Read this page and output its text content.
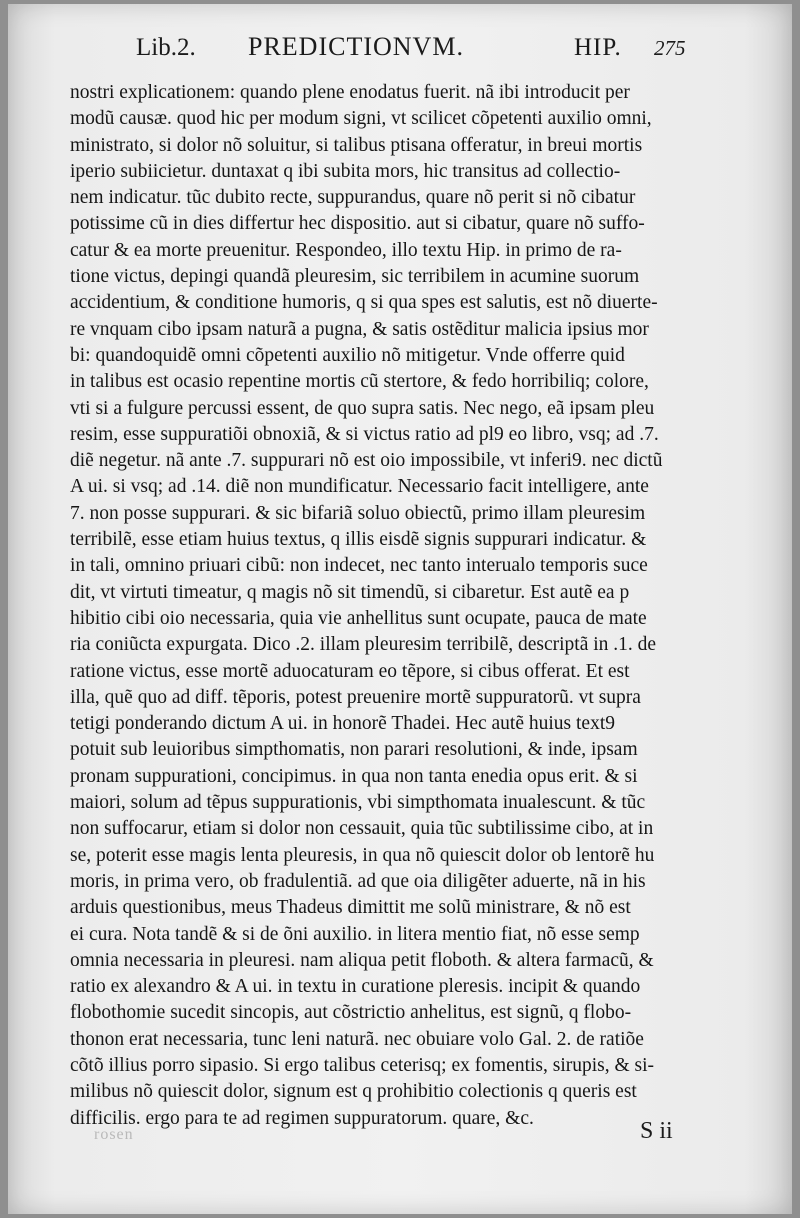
Lib.2. PREDICTIONVM.	HIP. 275
nostri explicationem: quando plene enodatus fuerit. nã ibi introducit per
modũ causæ. quod hic per modum signi, vt scilicet cõpetenti auxilio omni,
ministrato, si dolor nõ soluitur, si talibus ptisana offeratur, in breui mortis
iperio subiicietur. duntaxat q ibi subita mors, hic transitus ad collectio-
nem indicatur. tũc dubito recte, suppurandus, quare nõ perit si nõ cibatur
potissime cũ in dies differtur hec dispositio. aut si cibatur, quare nõ suffo-
catur & ea morte preuenitur. Respondeo, illo textu Hip. in primo de ra-
tione victus, depingi quandã pleuresim, sic terribilem in acumine suorum
accidentium, & conditione humoris, q si qua spes est salutis, est nõ diuerte-
re vnquam cibo ipsam naturã a pugna, & satis ostẽditur malicia ipsius mor
bi: quandoquidẽ omni cõpetenti auxilio nõ mitigetur. Vnde offerre quid
in talibus est ocasio repentine mortis cũ stertore, & fedo horribiliq; colore,
vti si a fulgure percussi essent, de quo supra satis. Nec nego, eã ipsam pleu
resim, esse suppuratiõi obnoxiã, & si victus ratio ad pl9 eo libro, vsq; ad .7.
diẽ negetur. nã ante .7. suppurari nõ est oio impossibile, vt inferi9. nec dictũ
A ui. si vsq; ad .14. diẽ non mundificatur. Necessario facit intelligere, ante
7. non posse suppurari. & sic bifariã soluo obiectũ, primo illam pleuresim
terribilẽ, esse etiam huius textus, q illis eisdẽ signis suppurari indicatur. &
in tali, omnino priuari cibũ: non indecet, nec tanto interualo temporis suce
dit, vt virtuti timeatur, q magis nõ sit timendũ, si cibaretur. Est autẽ ea p
hibitio cibi oio necessaria, quia vie anhellitus sunt ocupate, pauca de mate
ria coniũcta expurgata. Dico .2. illam pleuresim terribilẽ, descriptã in .1. de
ratione victus, esse mortẽ aduocaturam eo tẽpore, si cibus offerat. Et est
illa, quẽ quo ad diff. tẽporis, potest preuenire mortẽ suppuratorũ. vt supra
tetigi ponderando dictum A ui. in honorẽ Thadei. Hec autẽ huius text9
potuit sub leuioribus simpthomatis, non parari resolutioni, & inde, ipsam
pronam suppurationi, concipimus. in qua non tanta enedia opus erit. & si
maiori, solum ad tẽpus suppurationis, vbi simpthomata inualescunt. & tũc
non suffocarur, etiam si dolor non cessauit, quia tũc subtilissime cibo, at in
se, poterit esse magis lenta pleuresis, in qua nõ quiescit dolor ob lentorẽ hu
moris, in prima vero, ob fradulentiã. ad que oia diligẽter aduerte, nã in his
arduis questionibus, meus Thadeus dimittit me solũ ministrare, & nõ est
ei cura. Nota tandẽ & si de õni auxilio. in litera mentio fiat, nõ esse semp
omnia necessaria in pleuresi. nam aliqua petit floboth. & altera farmacũ, &
ratio ex alexandro & A ui. in textu in curatione pleresis. incipit & quando
flobothomie sucedit sincopis, aut cõstrictio anhelitus, est signũ, q flobo-
thonon erat necessaria, tunc leni naturã. nec obuiare volo Gal. 2. de ratiõe
cõtõ illius porro sipasio. Si ergo talibus ceterisq; ex fomentis, sirupis, & si-
milibus nõ quiescit dolor, signum est q prohibitio colectionis q queris est
difficilis. ergo para te ad regimen suppuratorum. quare, &c.
rosen	S ii
